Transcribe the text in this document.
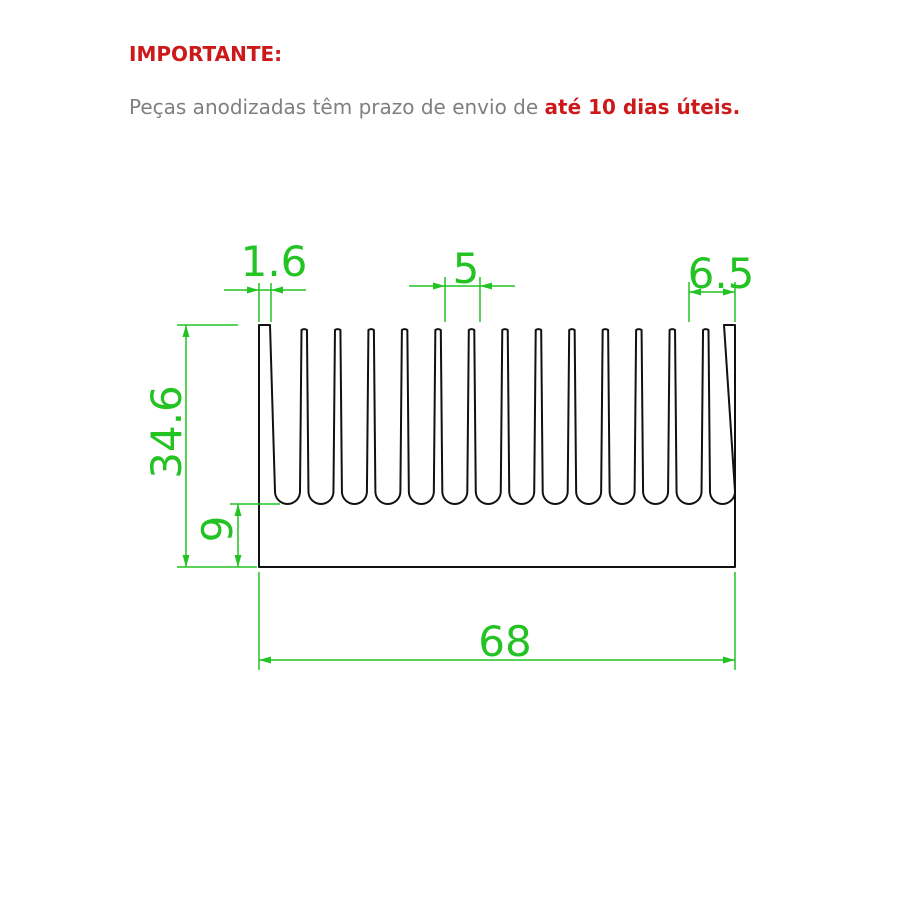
IMPORTANTE:
Peças anodizadas têm prazo de envio de até 10 dias úteis.
1.6	5	6.5
34.6
9
68
